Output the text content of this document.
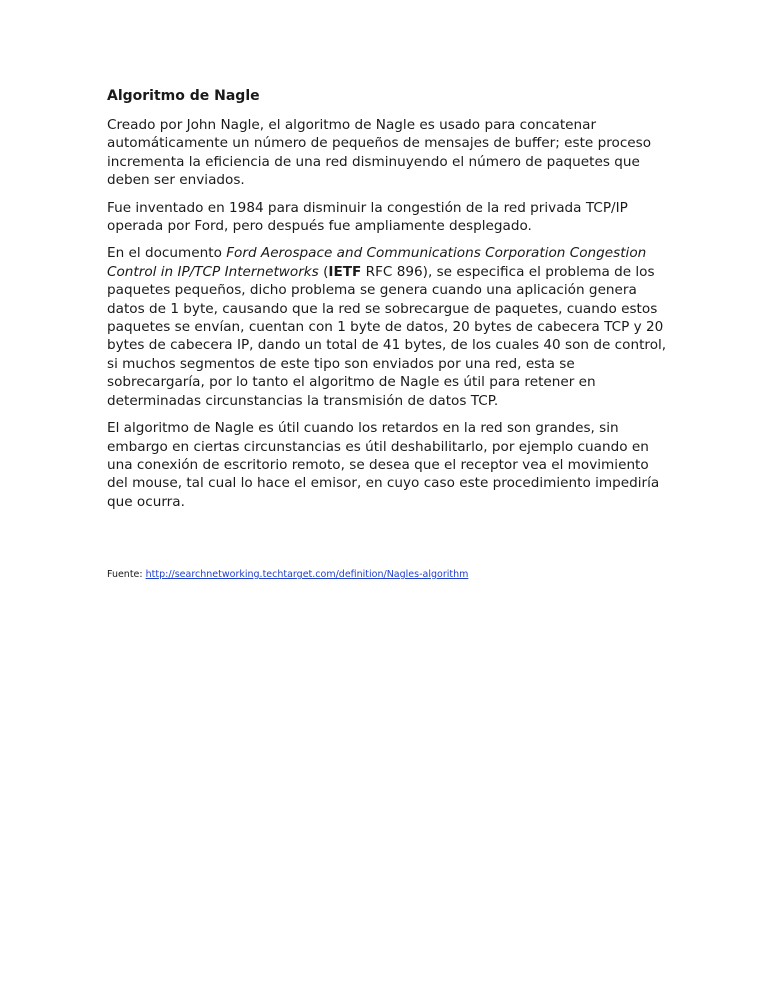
Algoritmo de Nagle

Creado por John Nagle, el algoritmo de Nagle es usado para concatenar automáticamente un número de pequeños de mensajes de buffer; este proceso incrementa la eficiencia de una red disminuyendo el número de paquetes que deben ser enviados.

Fue inventado en 1984 para disminuir la congestión de la red privada TCP/IP operada por Ford, pero después fue ampliamente desplegado.

En el documento Ford Aerospace and Communications Corporation Congestion Control in IP/TCP Internetworks (IETF RFC 896), se especifica el problema de los paquetes pequeños, dicho problema se genera cuando una aplicación genera datos de 1 byte, causando que la red se sobrecargue de paquetes, cuando estos paquetes se envían, cuentan con 1 byte de datos, 20 bytes de cabecera TCP y 20 bytes de cabecera IP, dando un total de 41 bytes, de los cuales 40 son de control, si muchos segmentos de este tipo son enviados por una red, esta se sobrecargaría, por lo tanto el algoritmo de Nagle es útil para retener en determinadas circunstancias la transmisión de datos TCP.

El algoritmo de Nagle es útil cuando los retardos en la red son grandes, sin embargo en ciertas circunstancias es útil deshabilitarlo, por ejemplo cuando en una conexión de escritorio remoto, se desea que el receptor vea el movimiento del mouse, tal cual lo hace el emisor, en cuyo caso este procedimiento impediría que ocurra.

Fuente: http://searchnetworking.techtarget.com/definition/Nagles-algorithm
